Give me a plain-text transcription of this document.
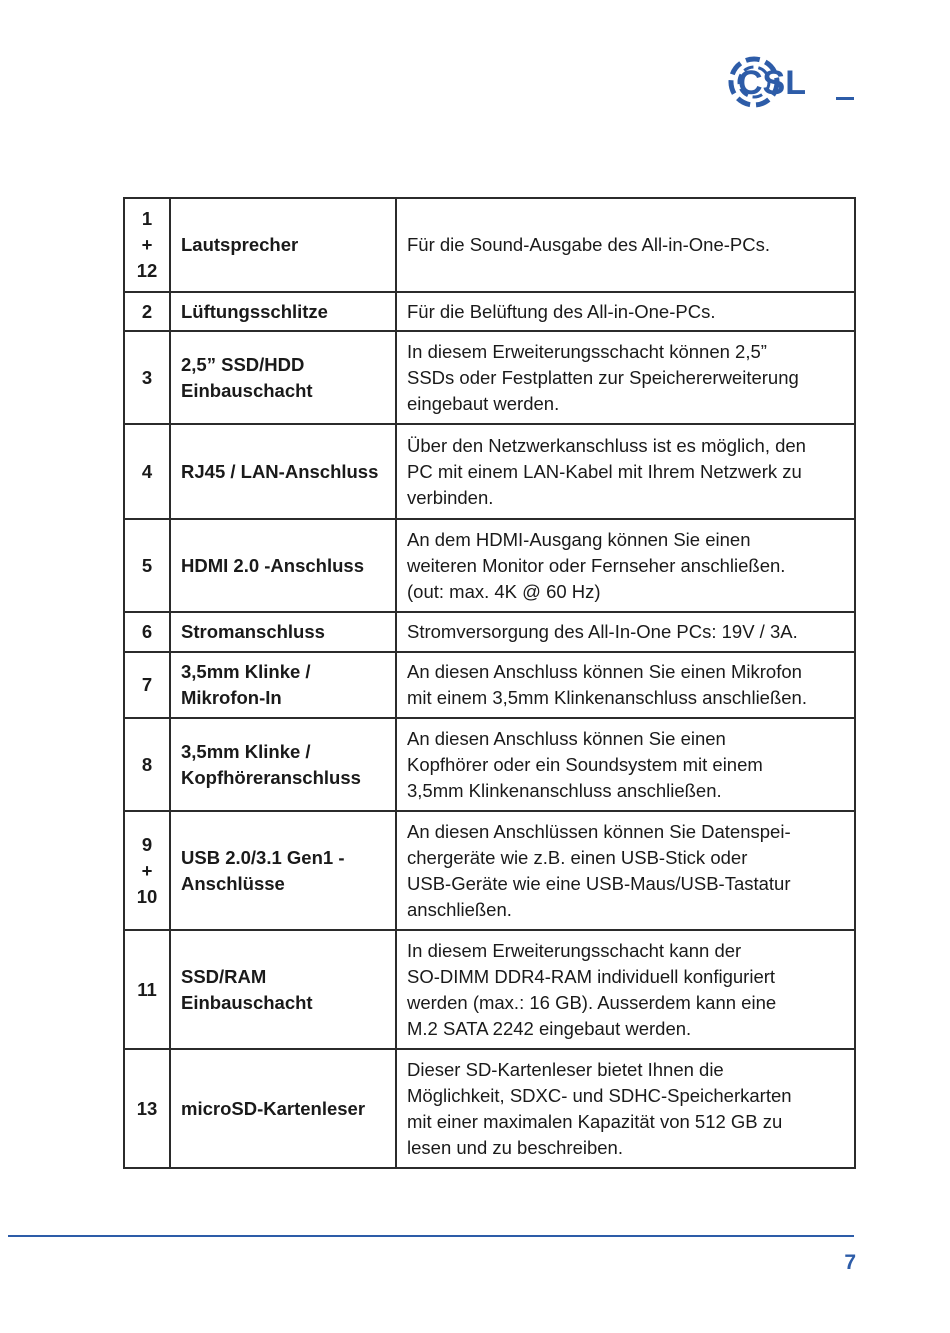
CSL
1
+
12	Lautsprecher	Für die Sound-Ausgabe des All-in-One-PCs.

2	Lüftungsschlitze	Für die Belüftung des All-in-One-PCs.

3	2,5” SSD/HDD
Einbauschacht	In diesem Erweiterungsschacht können 2,5”
SSDs oder Festplatten zur Speichererweiterung
eingebaut werden.

4	RJ45 / LAN-Anschluss	Über den Netzwerkanschluss ist es möglich, den
PC mit einem LAN-Kabel mit Ihrem Netzwerk zu
verbinden.

5	HDMI 2.0 -Anschluss	An dem HDMI-Ausgang können Sie einen
weiteren Monitor oder Fernseher anschließen.
(out: max. 4K @ 60 Hz)

6	Stromanschluss	Stromversorgung des All-In-One PCs: 19V / 3A.

7	3,5mm Klinke /
Mikrofon-In	An diesen Anschluss können Sie einen Mikrofon
mit einem 3,5mm Klinkenanschluss anschließen.

8	3,5mm Klinke /
Kopfhöreranschluss	An diesen Anschluss können Sie einen
Kopfhörer oder ein Soundsystem mit einem
3,5mm Klinkenanschluss anschließen.

9
+
10	USB 2.0/3.1 Gen1 -
Anschlüsse	An diesen Anschlüssen können Sie Datenspei-
chergeräte wie z.B. einen USB-Stick oder
USB-Geräte wie eine USB-Maus/USB-Tastatur
anschließen.

11	SSD/RAM
Einbauschacht	In diesem Erweiterungsschacht kann der
SO-DIMM DDR4-RAM individuell konfiguriert
werden (max.: 16 GB). Ausserdem kann eine
M.2 SATA 2242 eingebaut werden.

13	microSD-Kartenleser	Dieser SD-Kartenleser bietet Ihnen die
Möglichkeit, SDXC- und SDHC-Speicherkarten
mit einer maximalen Kapazität von 512 GB zu
lesen und zu beschreiben.
7
